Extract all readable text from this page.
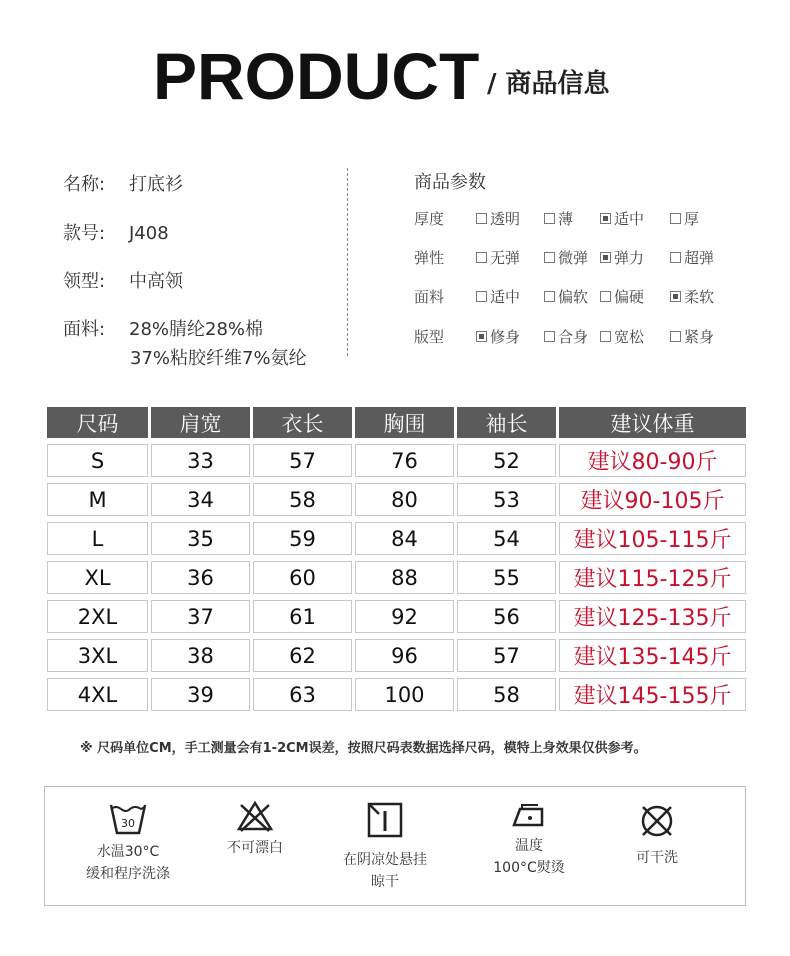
PRODUCT / 商品信息
名称: 打底衫
款号: J408
领型: 中高领
面料: 28%腈纶28%棉
37%粘胶纤维7%氨纶
商品参数
厚度	透明	薄	适中	厚
弹性	无弹	微弹 弹力	超弹
面料	适中	偏软 偏硬	柔软
版型	修身	合身 宽松	紧身
尺码	肩宽	衣长	胸围	袖长	建议体重
S	33	57	76	52	建议80-90斤
M	34	58	80	53	建议90-105斤
L	35	59	84	54	建议105-115斤
XL	36	60	88	55	建议115-125斤
2XL	37	61	92	56	建议125-135斤
3XL	38	62	96	57	建议135-145斤
4XL	39	63	100	58	建议145-155斤
※ 尺码单位CM，手工测量会有1-2CM误差，按照尺码表数据选择尺码，模特上身效果仅供参考。
30
水温30°C
缓和程序洗涤
不可漂白
在阴凉处悬挂
晾干
温度
100°C熨烫
可干洗
